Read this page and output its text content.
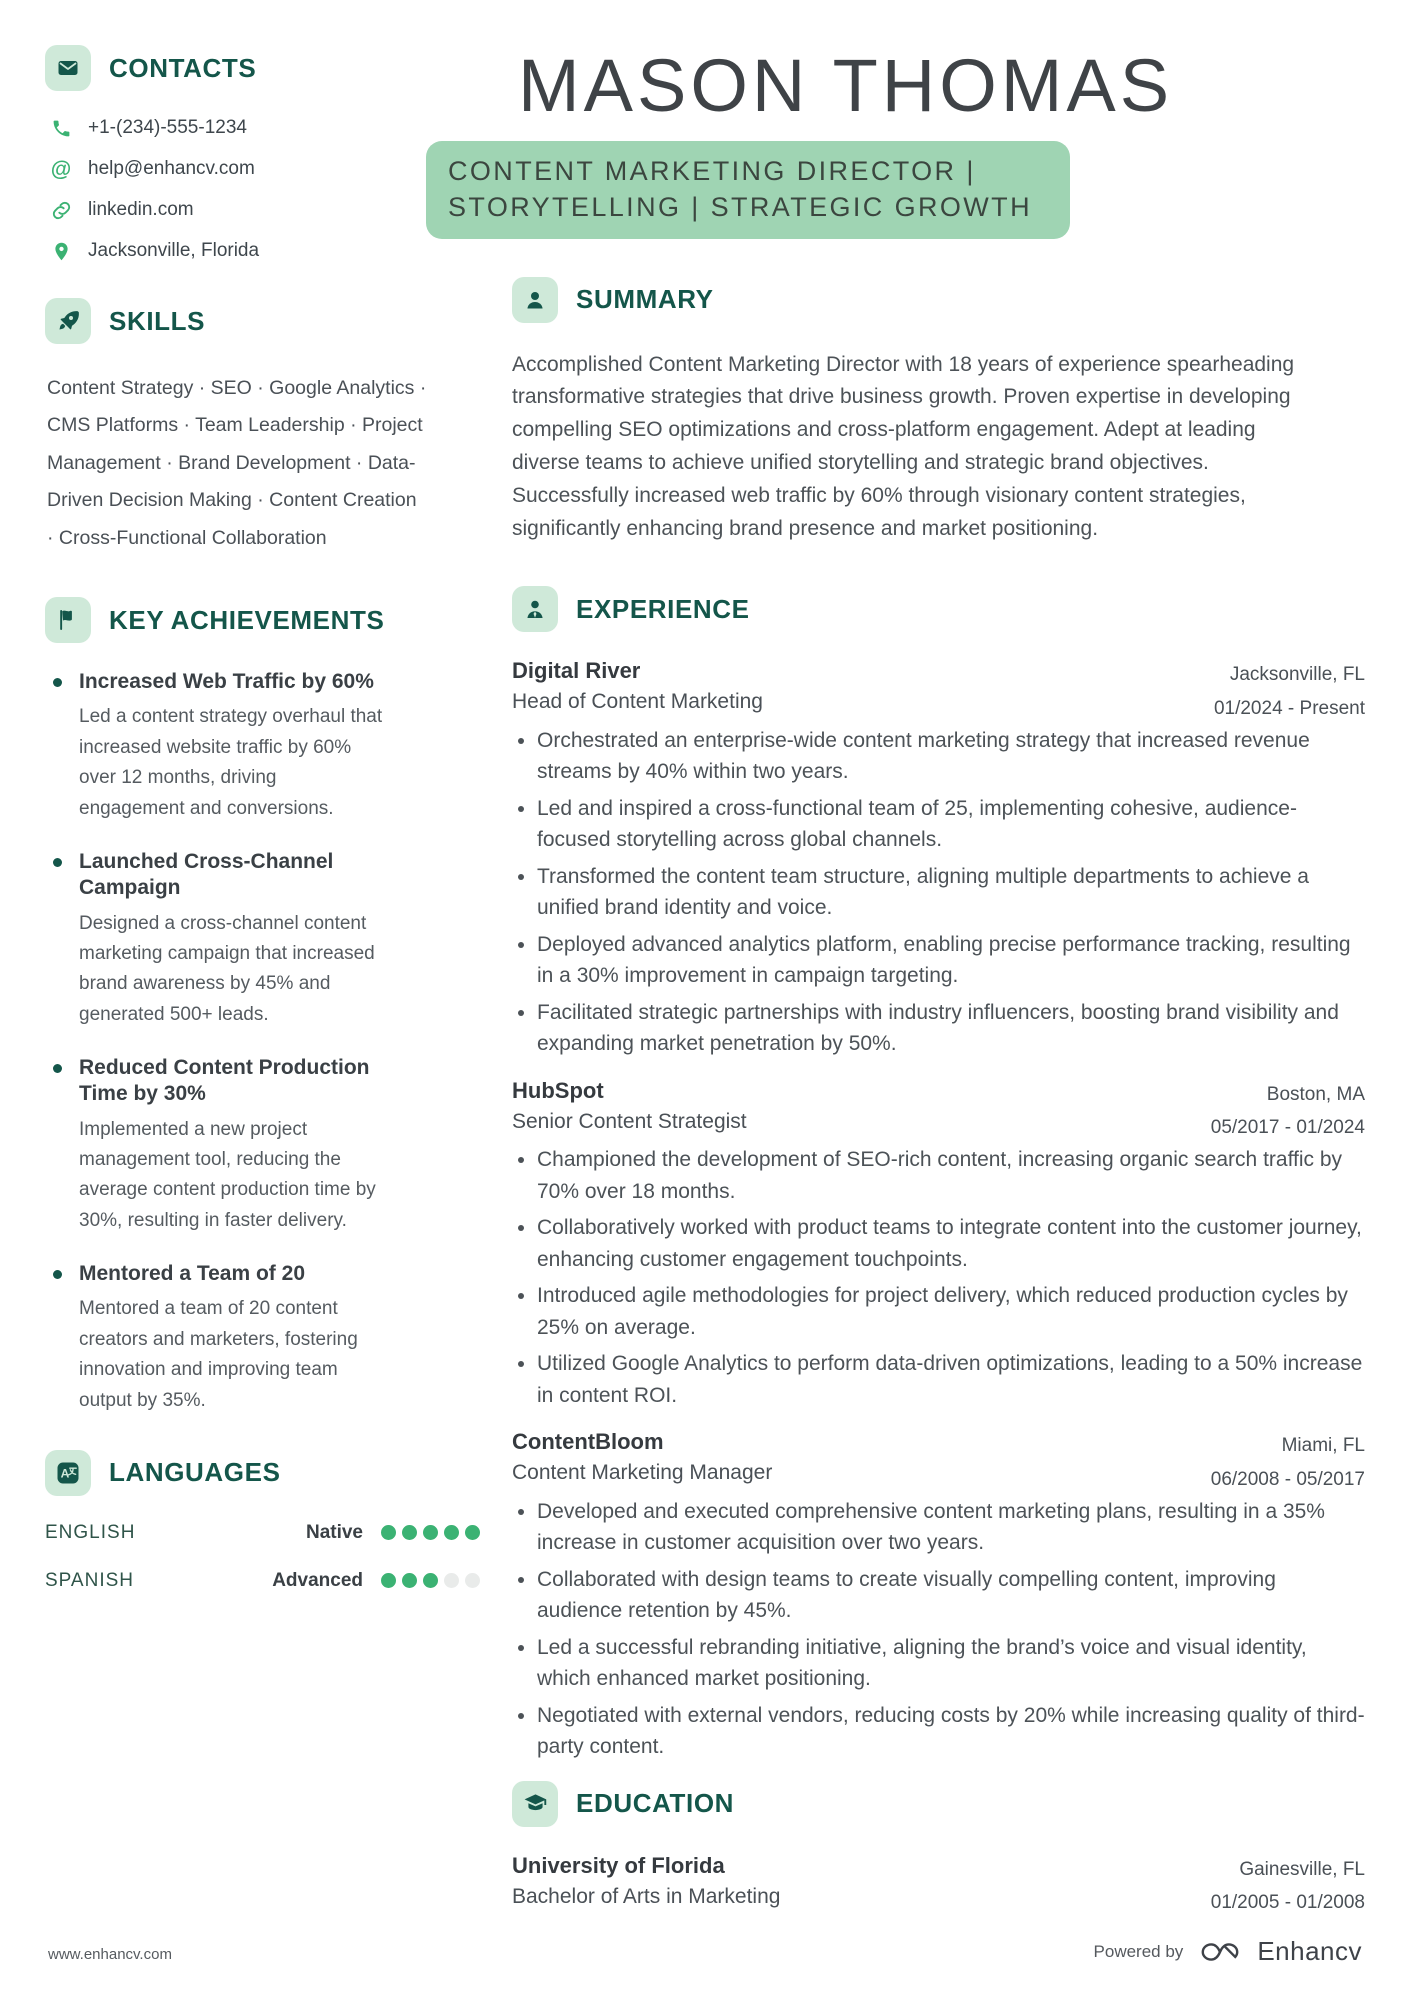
CONTACTS
+1-(234)-555-1234
@ help@enhancv.com
linkedin.com
Jacksonville, Florida
SKILLS

Content Strategy · SEO · Google Analytics · CMS Platforms · Team Leadership · Project Management · Brand Development · Data-Driven Decision Making · Content Creation · Cross-Functional Collaboration

KEY ACHIEVEMENTS
Increased Web Traffic by 60%
Led a content strategy overhaul that increased website traffic by 60% over 12 months, driving engagement and conversions.
Launched Cross-Channel Campaign
Designed a cross-channel content marketing campaign that increased brand awareness by 45% and generated 500+ leads.
Reduced Content Production Time by 30%
Implemented a new project management tool, reducing the average content production time by 30%, resulting in faster delivery.
Mentored a Team of 20
Mentored a team of 20 content creators and marketers, fostering innovation and improving team output by 35%.
A LANGUAGES
ENGLISH	Native
SPANISH	Advanced
MASON THOMAS
CONTENT MARKETING DIRECTOR | STORYTELLING | STRATEGIC GROWTH
SUMMARY

Accomplished Content Marketing Director with 18 years of experience spearheading transformative strategies that drive business growth. Proven expertise in developing compelling SEO optimizations and cross-platform engagement. Adept at leading diverse teams to achieve unified storytelling and strategic brand objectives. Successfully increased web traffic by 60% through visionary content strategies, significantly enhancing brand presence and market positioning.

EXPERIENCE
Digital River
Head of Content Marketing
Jacksonville, FL
01/2024 - Present
Orchestrated an enterprise-wide content marketing strategy that increased revenue streams by 40% within two years.
Led and inspired a cross-functional team of 25, implementing cohesive, audience-focused storytelling across global channels.
Transformed the content team structure, aligning multiple departments to achieve a unified brand identity and voice.
Deployed advanced analytics platform, enabling precise performance tracking, resulting in a 30% improvement in campaign targeting.
Facilitated strategic partnerships with industry influencers, boosting brand visibility and expanding market penetration by 50%.
HubSpot
Senior Content Strategist
Boston, MA
05/2017 - 01/2024
Championed the development of SEO-rich content, increasing organic search traffic by 70% over 18 months.
Collaboratively worked with product teams to integrate content into the customer journey, enhancing customer engagement touchpoints.
Introduced agile methodologies for project delivery, which reduced production cycles by 25% on average.
Utilized Google Analytics to perform data-driven optimizations, leading to a 50% increase in content ROI.
ContentBloom
Content Marketing Manager
Miami, FL
06/2008 - 05/2017
Developed and executed comprehensive content marketing plans, resulting in a 35% increase in customer acquisition over two years.
Collaborated with design teams to create visually compelling content, improving audience retention by 45%.
Led a successful rebranding initiative, aligning the brand’s voice and visual identity, which enhanced market positioning.
Negotiated with external vendors, reducing costs by 20% while increasing quality of third-party content.
EDUCATION
University of Florida
Bachelor of Arts in Marketing
Gainesville, FL
01/2005 - 01/2008
www.enhancv.com	Powered by	Enhancv
